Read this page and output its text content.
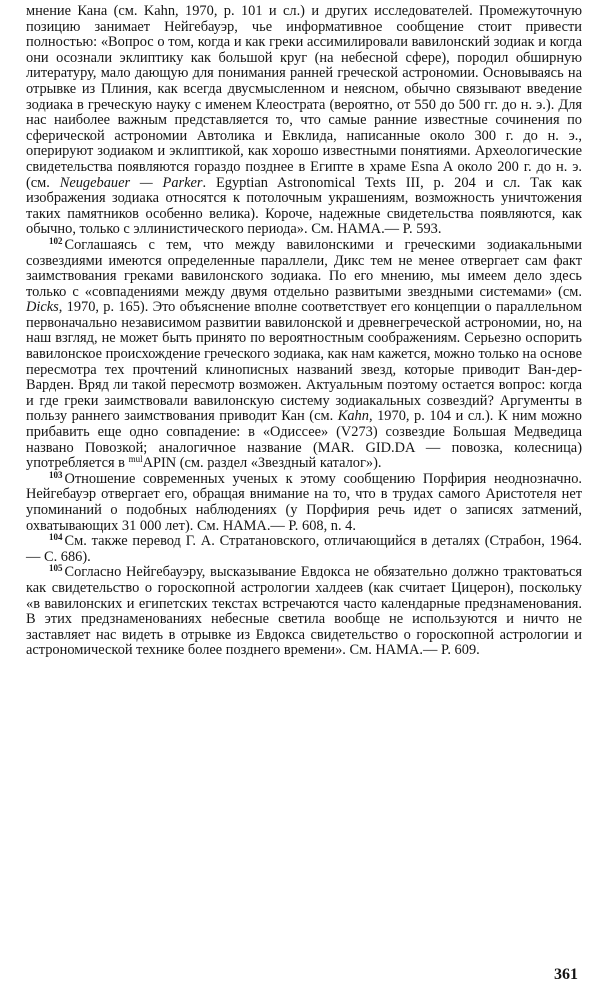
мнение Кана (см. Kahn, 1970, p. 101 и сл.) и других исследователей. Промежуточную позицию занимает Нейгебауэр, чье информативное сообщение стоит привести полностью: «Вопрос о том, когда и как греки ассимилировали вавилонский зодиак и когда они осознали эклиптику как большой круг (на небесной сфере), породил обширную литературу, мало дающую для понимания ранней греческой астрономии. Основываясь на отрывке из Плиния, как всегда двусмысленном и неясном, обычно связывают введение зодиака в греческую науку с именем Клеострата (вероятно, от 550 до 500 гг. до н. э.). Для нас наиболее важным представляется то, что самые ранние известные сочинения по сферической астрономии Автолика и Евклида, написанные около 300 г. до н. э., оперируют зодиаком и эклиптикой, как хорошо известными понятиями. Археологические свидетельства появляются гораздо позднее в Египте в храме Esna A около 200 г. до н. э. (см. Neugebauer — Parker. Egyptian Astronomical Texts III, p. 204 и сл. Так как изображения зодиака относятся к потолочным украшениям, возможность уничтожения таких памятников особенно велика). Короче, надежные свидетельства появляются, как обычно, только с эллинистического периода». См. HAMA.— P. 593.

$^{102}$ Соглашаясь с тем, что между вавилонскими и греческими зодиакальными созвездиями имеются определенные параллели, Дикс тем не менее отвергает сам факт заимствования греками вавилонского зодиака. По его мнению, мы имеем дело здесь только с «совпадениями между двумя отдельно развитыми звездными системами» (см. Dicks, 1970, p. 165). Это объяснение вполне соответствует его концепции о параллельном первоначально независимом развитии вавилонской и древнегреческой астрономии, но, на наш взгляд, не может быть принято по вероятностным соображениям. Серьезно оспорить вавилонское происхождение греческого зодиака, как нам кажется, можно только на основе пересмотра тех прочтений клинописных названий звезд, которые приводит Ван-дер-Варден. Вряд ли такой пересмотр возможен. Актуальным поэтому остается вопрос: когда и где греки заимствовали вавилонскую систему зодиакальных созвездий? Аргументы в пользу раннего заимствования приводит Кан (см. Kahn, 1970, p. 104 и сл.). К ним можно прибавить еще одно совпадение: в «Одиссее» (V273) созвездие Большая Медведица названо Повозкой; аналогичное название (MAR. GID.DA — повозка, колесница) употребляется в $^{mul}$APIN (см. раздел «Звездный каталог»).

$^{103}$ Отношение современных ученых к этому сообщению Порфирия неоднозначно. Нейгебауэр отвергает его, обращая внимание на то, что в трудах самого Аристотеля нет упоминаний о подобных наблюдениях (у Порфирия речь идет о записях затмений, охватывающих 31 000 лет). См. HAMA.— P. 608, n. 4.

$^{104}$ См. также перевод Г. А. Стратановского, отличающийся в деталях (Страбон, 1964.— С. 686).

$^{105}$ Согласно Нейгебауэру, высказывание Евдокса не обязательно должно трактоваться как свидетельство о гороскопной астрологии халдеев (как считает Цицерон), поскольку «в вавилонских и египетских текстах встречаются часто календарные предзнаменования. В этих предзнаменованиях небесные светила вообще не используются и ничто не заставляет нас видеть в отрывке из Евдокса свидетельство о гороскопной астрологии и астрономической технике более позднего времени». См. HAMA.— P. 609.

361
